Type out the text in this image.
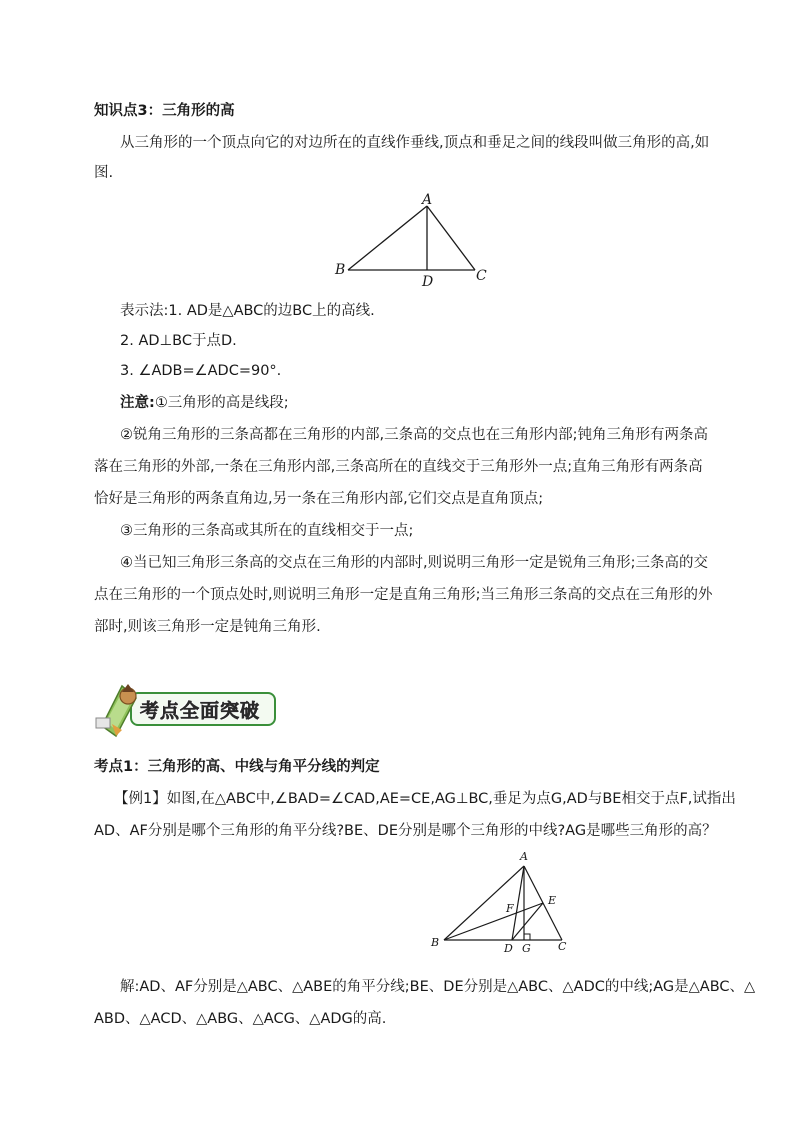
知识点3：三角形的高
从三角形的一个顶点向它的对边所在的直线作垂线,顶点和垂足之间的线段叫做三角形的高,如
图.
A
B	C
D
表示法:1. AD是△ABC的边BC上的高线.
2. AD⊥BC于点D.
3. ∠ADB=∠ADC=90°.
注意:①三角形的高是线段;
②锐角三角形的三条高都在三角形的内部,三条高的交点也在三角形内部;钝角三角形有两条高
落在三角形的外部,一条在三角形内部,三条高所在的直线交于三角形外一点;直角三角形有两条高
恰好是三角形的两条直角边,另一条在三角形内部,它们交点是直角顶点;
③三角形的三条高或其所在的直线相交于一点;
④当已知三角形三条高的交点在三角形的内部时,则说明三角形一定是锐角三角形;三条高的交
点在三角形的一个顶点处时,则说明三角形一定是直角三角形;当三角形三条高的交点在三角形的外
部时,则该三角形一定是钝角三角形.
考点全面突破
考点1：三角形的高、中线与角平分线的判定
【例1】如图,在△ABC中,∠BAD=∠CAD,AE=CE,AG⊥BC,垂足为点G,AD与BE相交于点F,试指出
AD、AF分别是哪个三角形的角平分线?BE、DE分别是哪个三角形的中线?AG是哪些三角形的高？
A
B	C
D
E
F
G
解:AD、AF分别是△ABC、△ABE的角平分线;BE、DE分别是△ABC、△ADC的中线;AG是△ABC、△
ABD、△ACD、△ABG、△ACG、△ADG的高.
